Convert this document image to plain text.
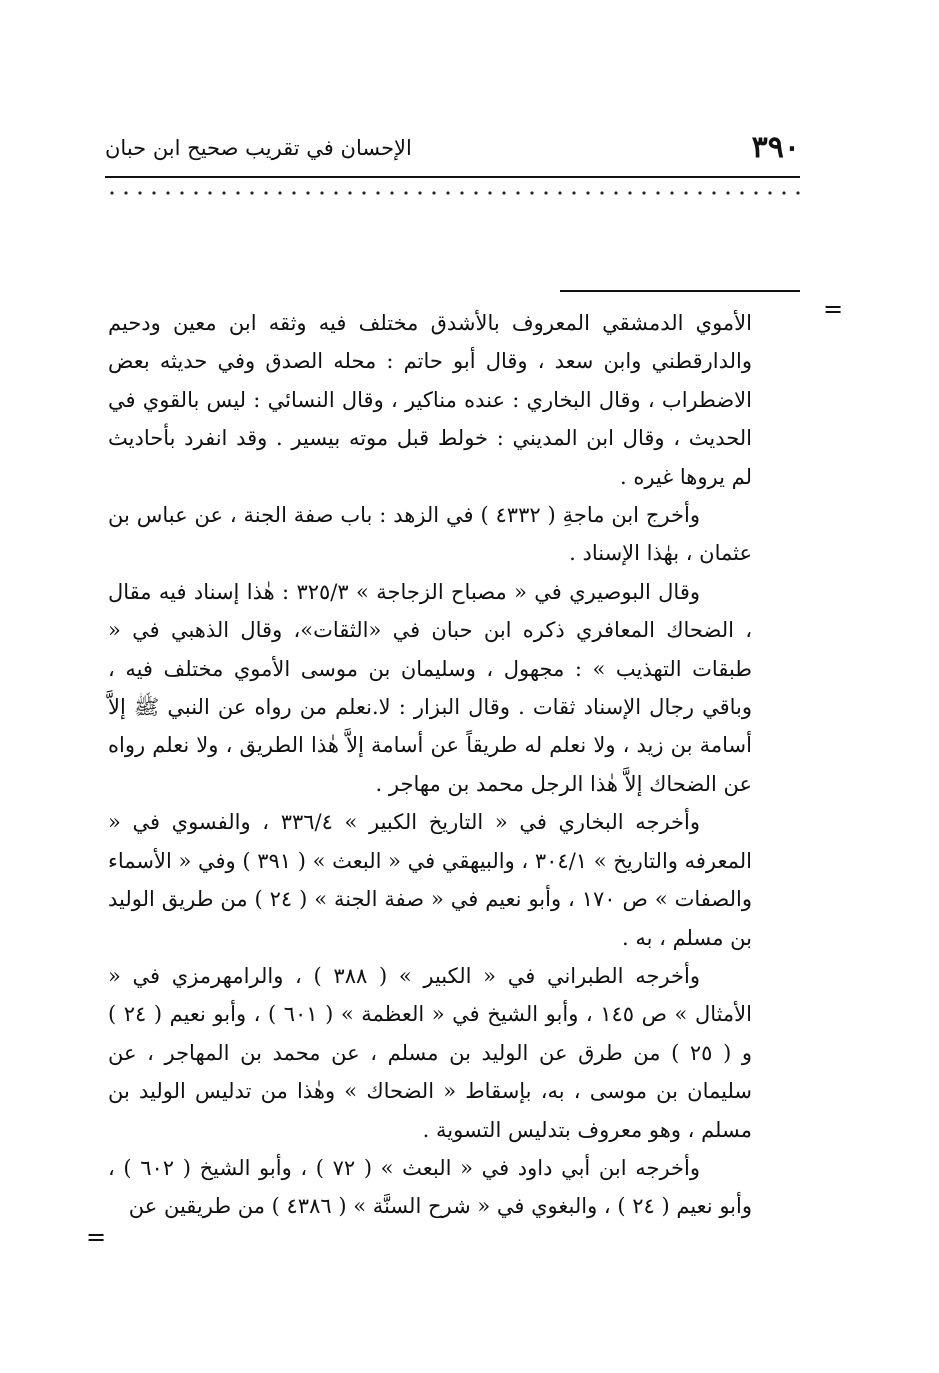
٣٩٠
الإحسان في تقريب صحيح ابن حبان
=

الأموي الدمشقي المعروف بالأشدق مختلف فيه وثقه ابن معين ودحيم والدارقطني وابن سعد ، وقال أبو حاتم : محله الصدق وفي حديثه بعض الاضطراب ، وقال البخاري : عنده مناكير ، وقال النسائي : ليس بالقوي في الحديث ، وقال ابن المديني : خولط قبل موته بيسير . وقد انفرد بأحاديث لم يروها غيره .

وأخرج ابن ماجةِ ( ٤٣٣٢ ) في الزهد : باب صفة الجنة ، عن عباس بن عثمان ، بهٰذا الإسناد .

وقال البوصيري في « مصباح الزجاجة » ٣٢٥/٣ : هٰذا إسناد فيه مقال ، الضحاك المعافري ذكره ابن حبان في «الثقات»، وقال الذهبي في « طبقات التهذيب » : مجهول ، وسليمان بن موسى الأموي مختلف فيه ، وباقي رجال الإسناد ثقات . وقال البزار : لا.نعلم من رواه عن النبي ﷺ إلاَّ أسامة بن زيد ، ولا نعلم له طريقاً عن أسامة إلاَّ هٰذا الطريق ، ولا نعلم رواه عن الضحاك إلاَّ هٰذا الرجل محمد بن مهاجر .

وأخرجه البخاري في « التاريخ الكبير » ٣٣٦/٤ ، والفسوي في « المعرفه والتاريخ » ٣٠٤/١ ، والبيهقي في « البعث » ( ٣٩١ ) وفي « الأسماء والصفات » ص ١٧٠ ، وأبو نعيم في « صفة الجنة » ( ٢٤ ) من طريق الوليد بن مسلم ، به .

وأخرجه الطبراني في « الكبير » ( ٣٨٨ ) ، والرامهرمزي في « الأمثال » ص ١٤٥ ، وأبو الشيخ في « العظمة » ( ٦٠١ ) ، وأبو نعيم ( ٢٤ ) و ( ٢٥ ) من طرق عن الوليد بن مسلم ، عن محمد بن المهاجر ، عن سليمان بن موسى ، به، بإسقاط « الضحاك » وهٰذا من تدليس الوليد بن مسلم ، وهو معروف بتدليس التسوية .

وأخرجه ابن أبي داود في « البعث » ( ٧٢ ) ، وأبو الشيخ ( ٦٠٢ ) ، وأبو نعيم ( ٢٤ ) ، والبغوي في « شرح السنَّة » ( ٤٣٨٦ ) من طريقين عن

=
